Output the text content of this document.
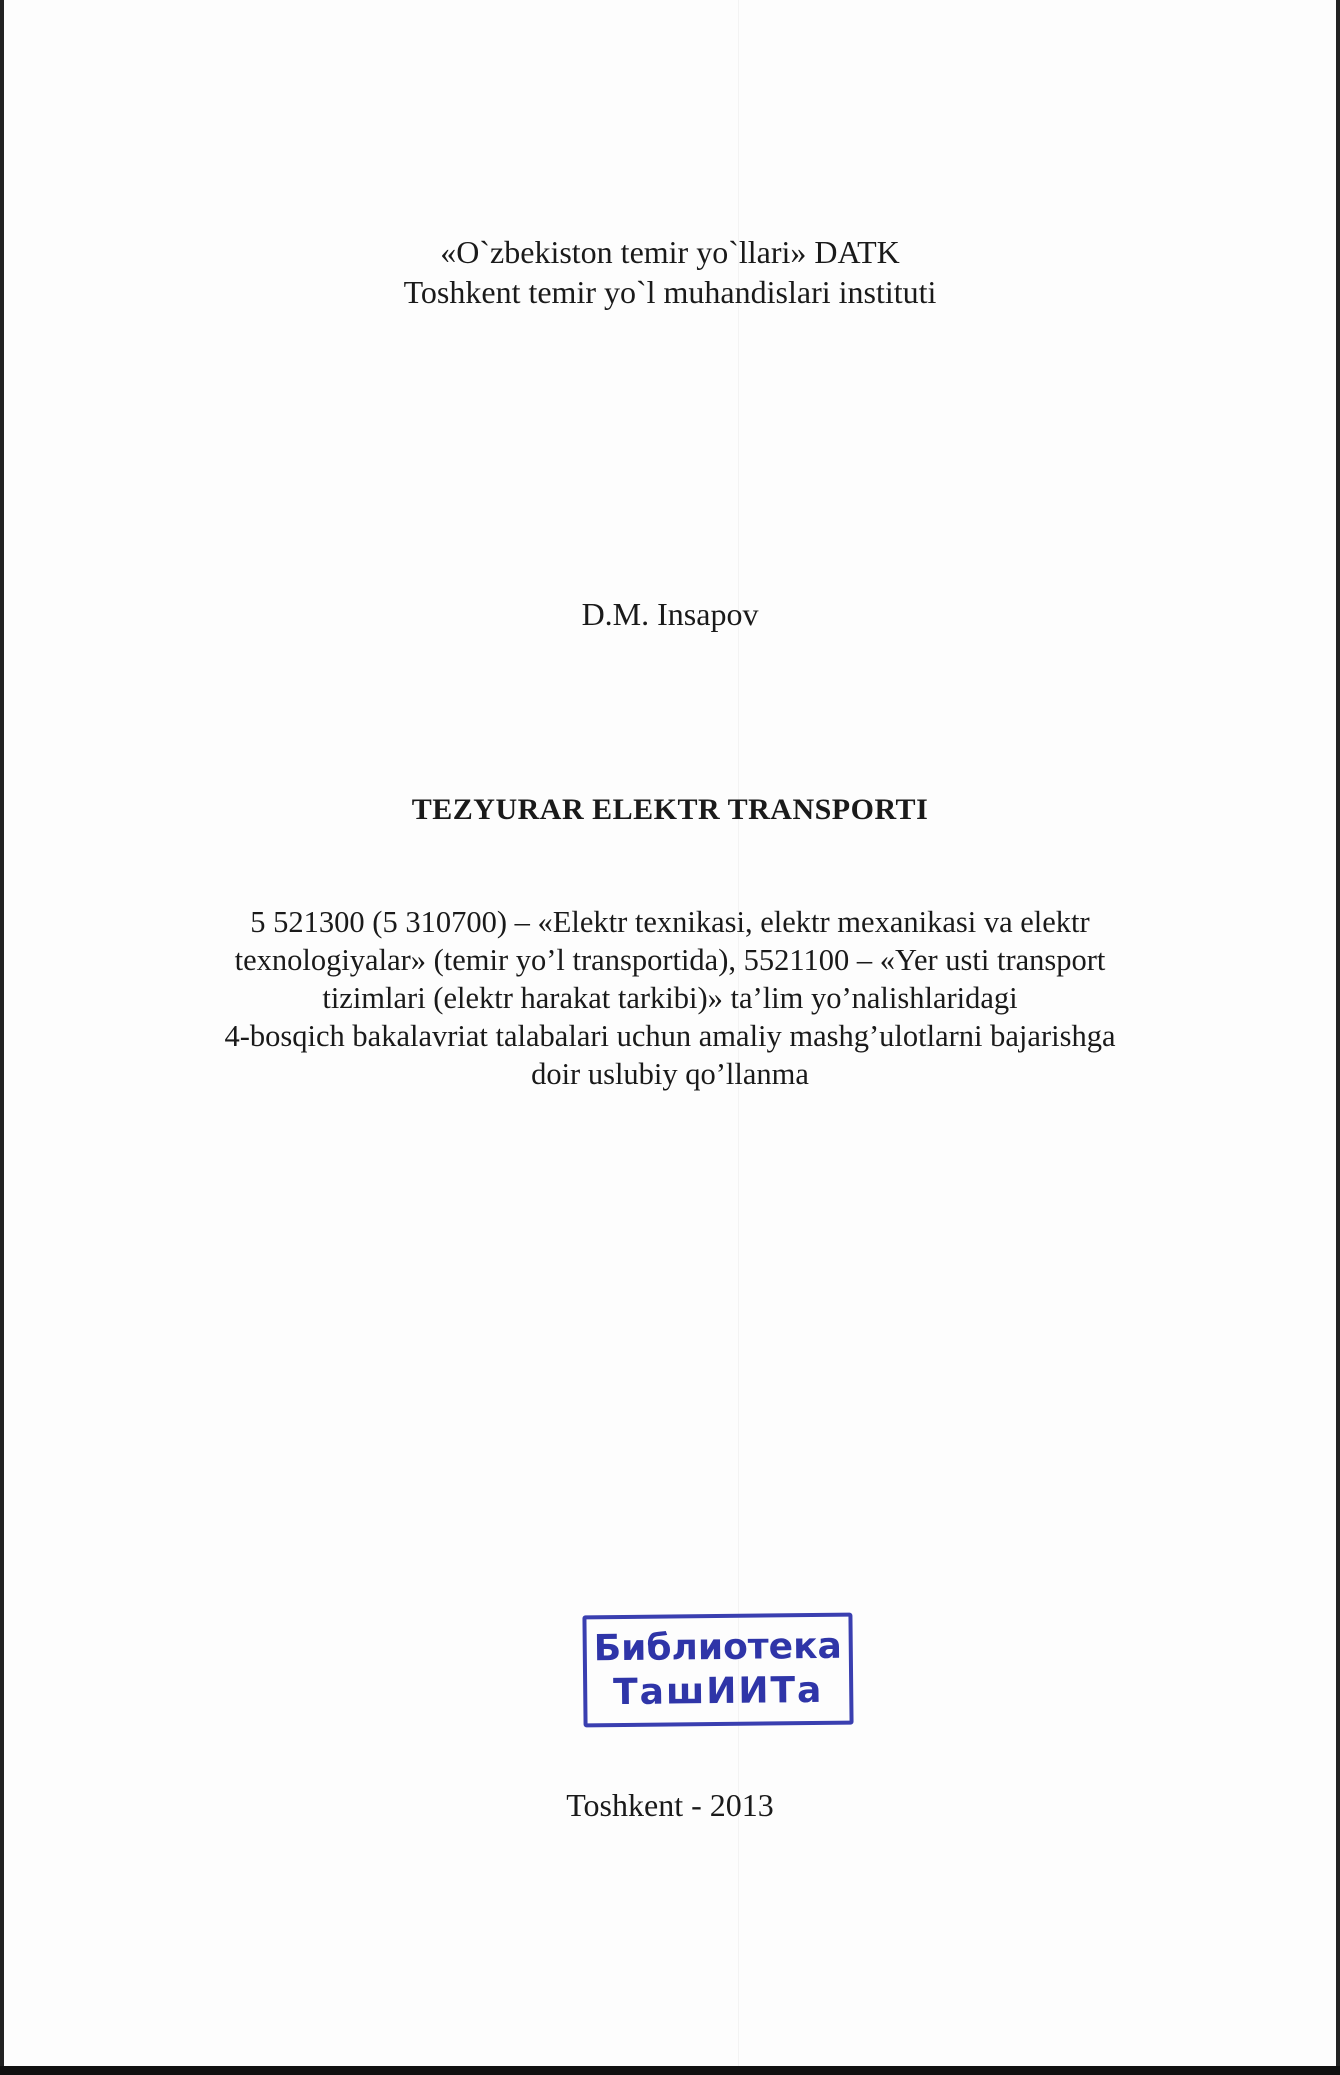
«O`zbekiston temir yo`llari» DATK
Toshkent temir yo`l muhandislari instituti
D.M. Insapov
TEZYURAR ELEKTR TRANSPORTI
5 521300 (5 310700) – «Elektr texnikasi, elektr mexanikasi va elektr
texnologiyalar» (temir yo’l transportida), 5521100 – «Yer usti transport
tizimlari (elektr harakat tarkibi)» ta’lim yo’nalishlaridagi
4-bosqich bakalavriat talabalari uchun amaliy mashg’ulotlarni bajarishga
doir uslubiy qo’llanma
Библиотека
ТашИИТа
Toshkent - 2013
